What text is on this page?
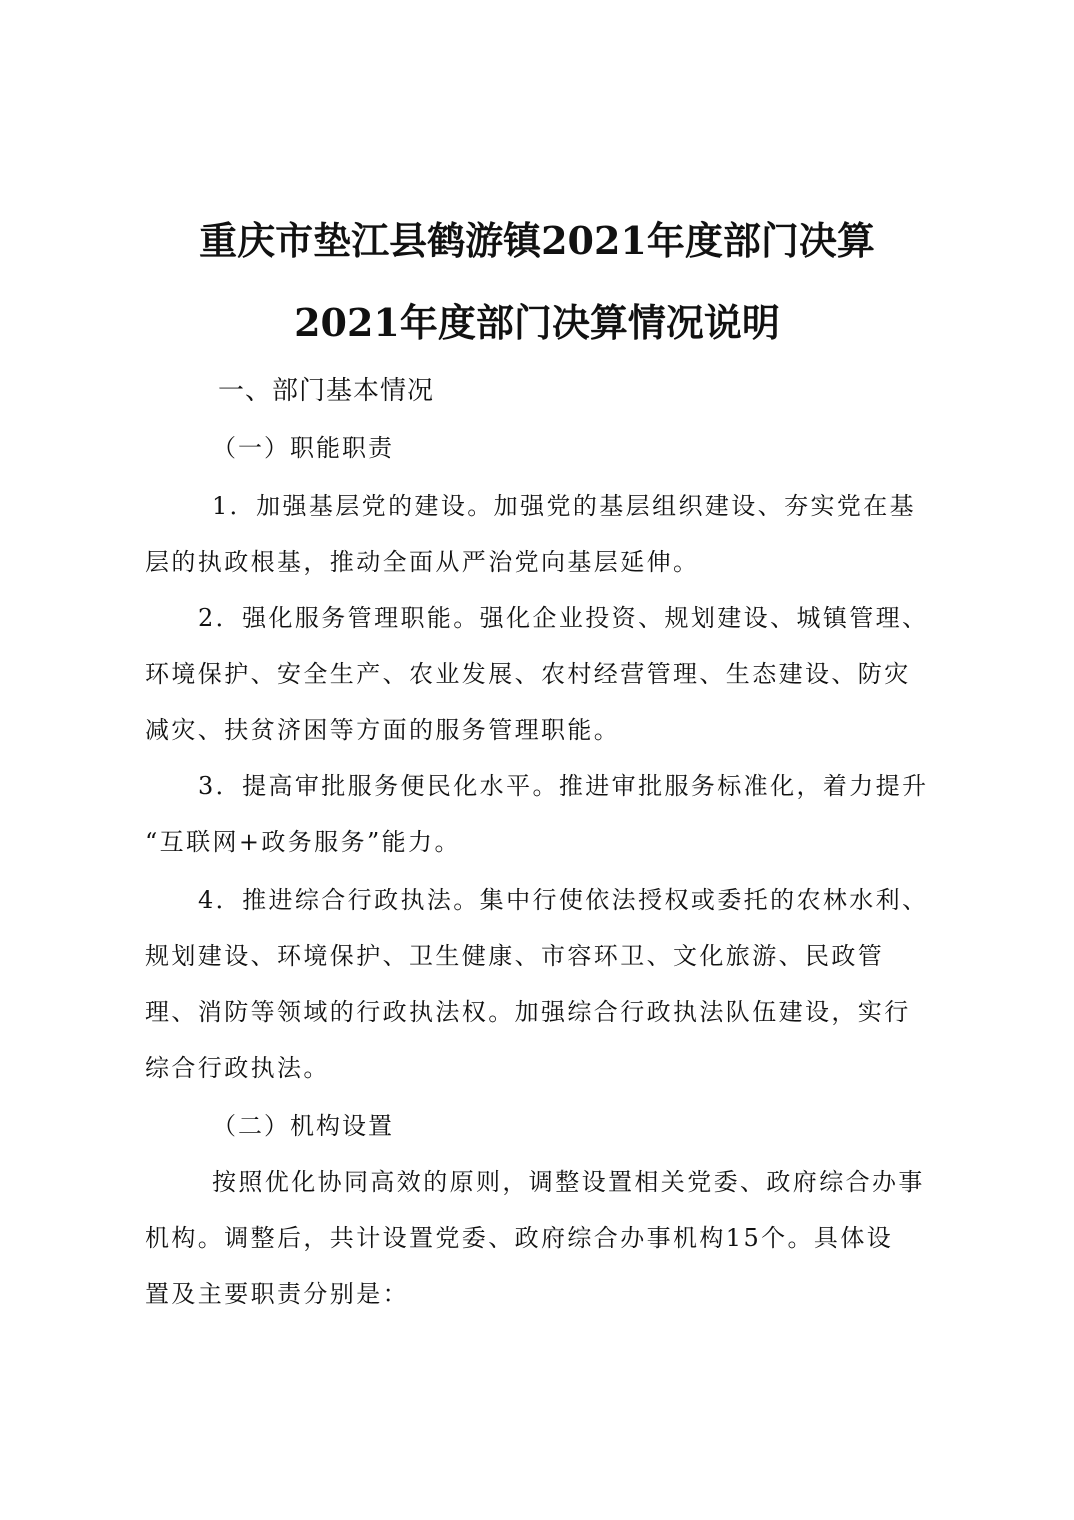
重庆市垫江县鹤游镇2021年度部门决算
2021年度部门决算情况说明
一、部门基本情况
（一）职能职责
1．加强基层党的建设。加强党的基层组织建设、夯实党在基
层的执政根基，推动全面从严治党向基层延伸。
2．强化服务管理职能。强化企业投资、规划建设、城镇管理、
环境保护、安全生产、农业发展、农村经营管理、生态建设、防灾
减灾、扶贫济困等方面的服务管理职能。
3．提高审批服务便民化水平。推进审批服务标准化，着力提升
“互联网+政务服务”能力。
4．推进综合行政执法。集中行使依法授权或委托的农林水利、
规划建设、环境保护、卫生健康、市容环卫、文化旅游、民政管
理、消防等领域的行政执法权。加强综合行政执法队伍建设，实行
综合行政执法。
（二）机构设置
按照优化协同高效的原则，调整设置相关党委、政府综合办事
机构。调整后，共计设置党委、政府综合办事机构15个。具体设
置及主要职责分别是：
